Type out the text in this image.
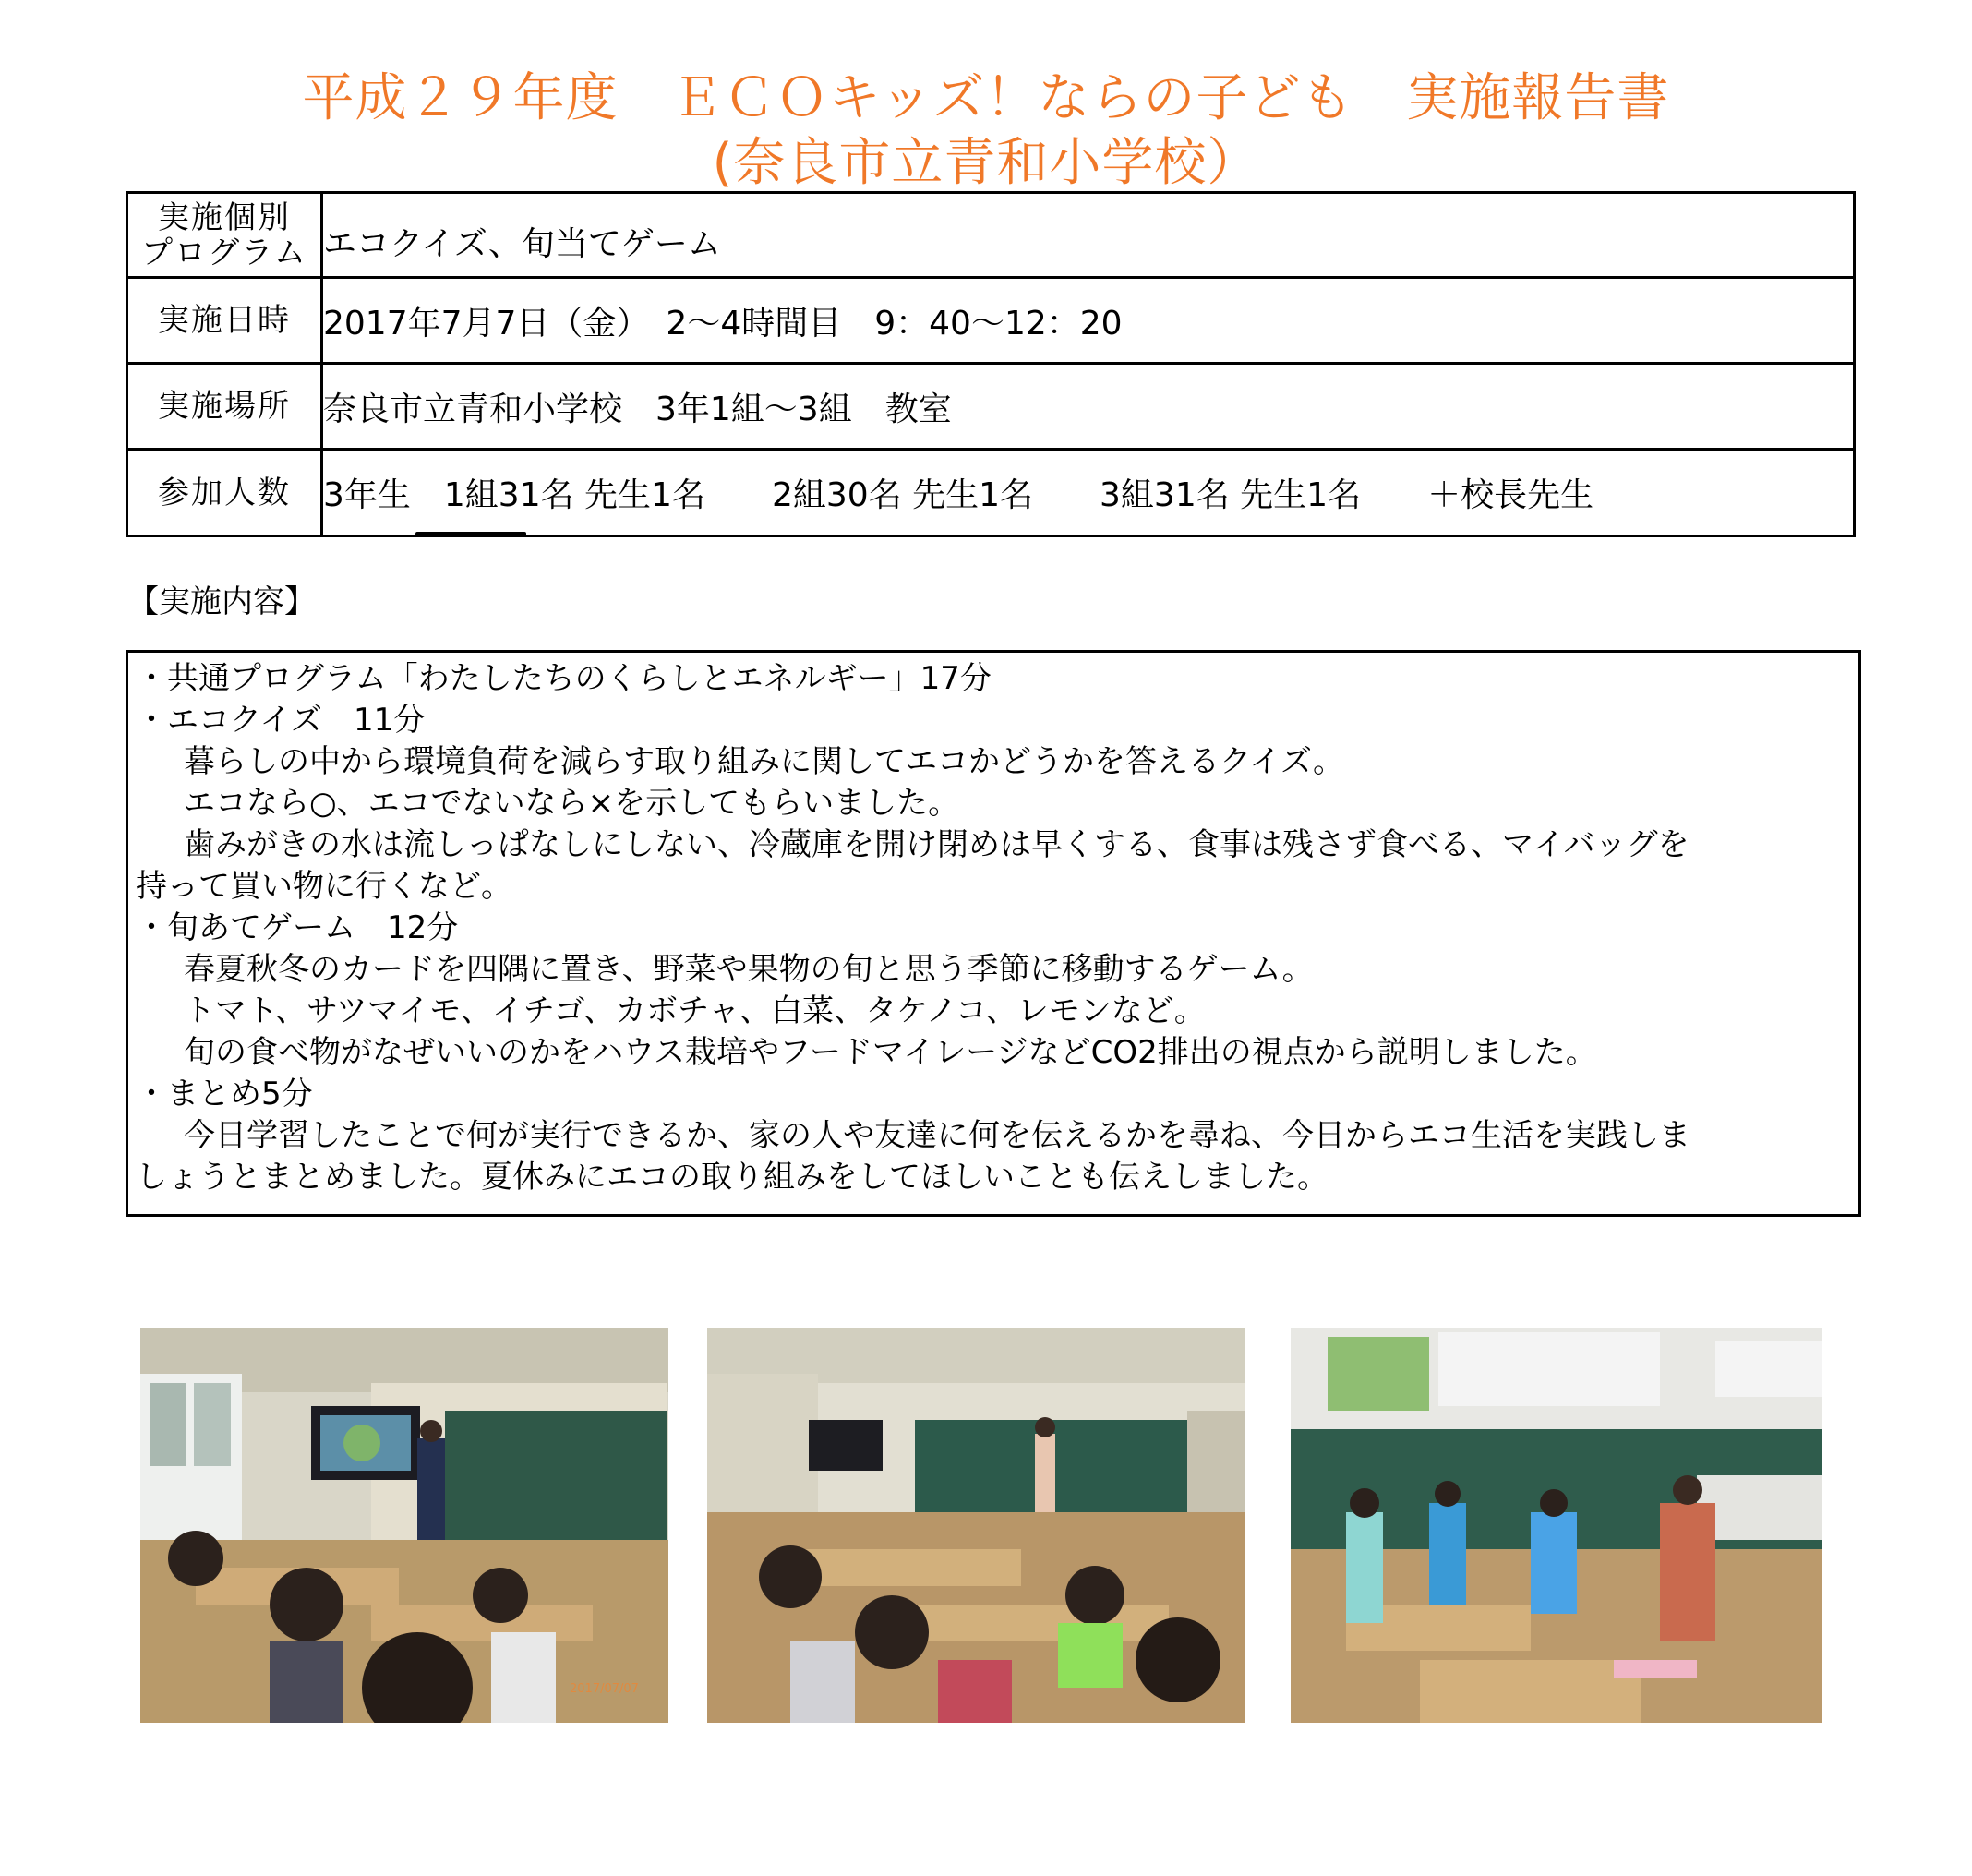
平成２９年度　ＥＣＯキッズ！ならの子ども　実施報告書
(奈良市立青和小学校）
実施個別
プログラム	エコクイズ、旬当てゲーム
実施日時	2017年7月7日（金）　2～4時間目　9：40～12：20
実施場所	奈良市立青和小学校　3年1組～3組　教室
参加人数	3年生　1組31名 先生1名　　2組30名 先生1名　　3組31名 先生1名　　＋校長先生
【実施内容】
・共通プログラム「わたしたちのくらしとエネルギー」17分
・エコクイズ　11分
暮らしの中から環境負荷を減らす取り組みに関してエコかどうかを答えるクイズ。
エコなら○、エコでないなら×を示してもらいました。
歯みがきの水は流しっぱなしにしない、冷蔵庫を開け閉めは早くする、食事は残さず食べる、マイバッグを
持って買い物に行くなど。
・旬あてゲーム　12分
春夏秋冬のカードを四隅に置き、野菜や果物の旬と思う季節に移動するゲーム。
トマト、サツマイモ、イチゴ、カボチャ、白菜、タケノコ、レモンなど。
旬の食べ物がなぜいいのかをハウス栽培やフードマイレージなどCO2排出の視点から説明しました。
・まとめ5分
今日学習したことで何が実行できるか、家の人や友達に何を伝えるかを尋ね、今日からエコ生活を実践しま
しょうとまとめました。夏休みにエコの取り組みをしてほしいことも伝えしました。
2017/07/07
